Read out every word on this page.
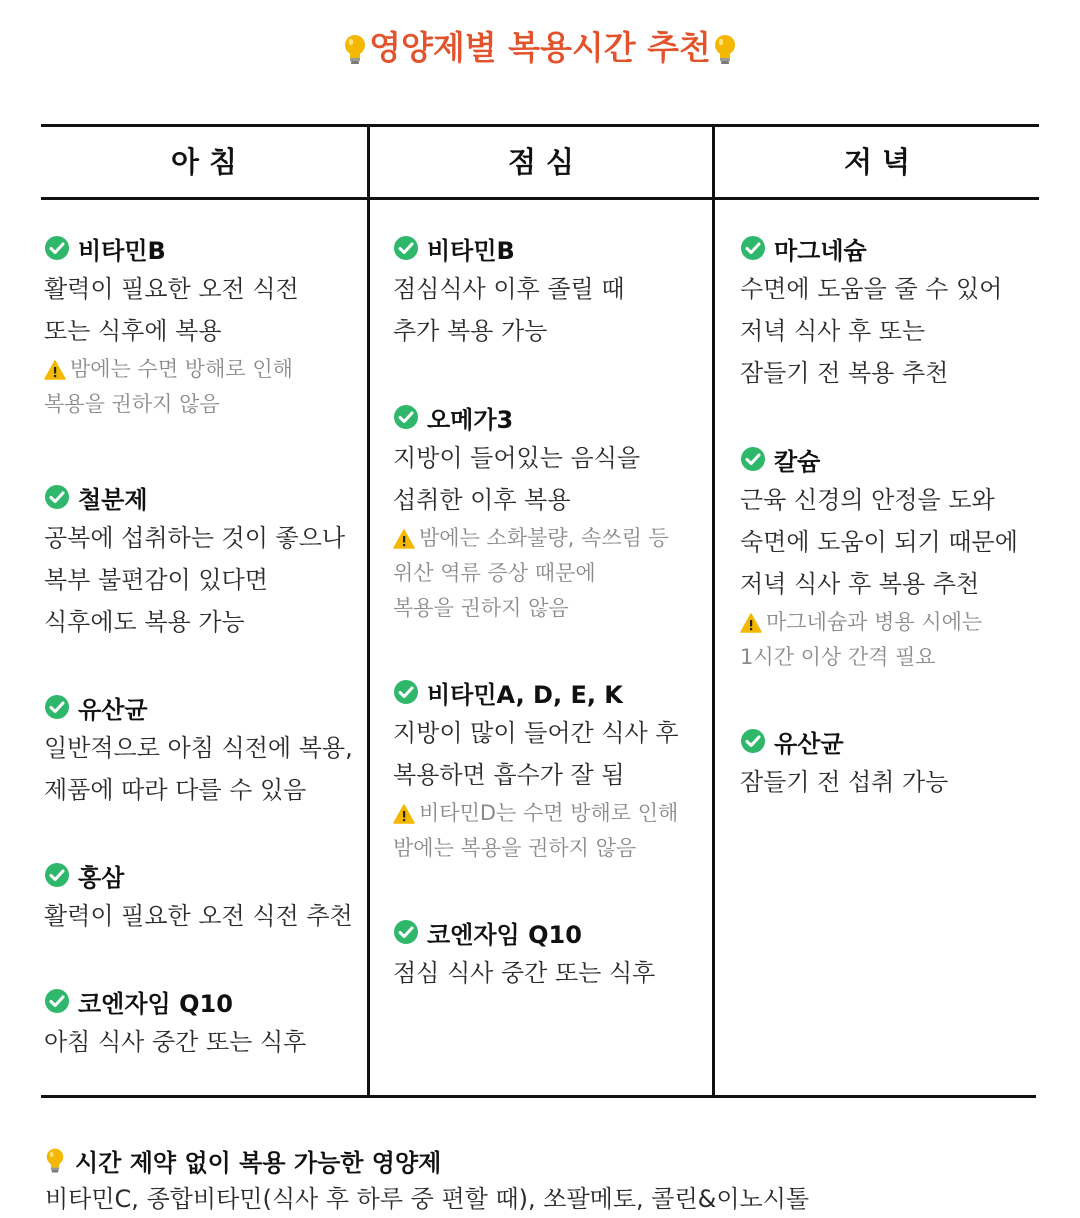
영양제별 복용시간 추천
아 침	점 심	저 녁
비타민B
활력이 필요한 오전 식전
또는 식후에 복용
밤에는 수면 방해로 인해
복용을 권하지 않음
철분제
공복에 섭취하는 것이 좋으나
복부 불편감이 있다면
식후에도 복용 가능
유산균
일반적으로 아침 식전에 복용,
제품에 따라 다를 수 있음
홍삼
활력이 필요한 오전 식전 추천
코엔자임 Q10
아침 식사 중간 또는 식후
비타민B
점심식사 이후 졸릴 때
추가 복용 가능
오메가3
지방이 들어있는 음식을
섭취한 이후 복용
밤에는 소화불량, 속쓰림 등
위산 역류 증상 때문에
복용을 권하지 않음
비타민A, D, E, K
지방이 많이 들어간 식사 후
복용하면 흡수가 잘 됨
비타민D는 수면 방해로 인해
밤에는 복용을 권하지 않음
코엔자임 Q10
점심 식사 중간 또는 식후
마그네슘
수면에 도움을 줄 수 있어
저녁 식사 후 또는
잠들기 전 복용 추천
칼슘
근육 신경의 안정을 도와
숙면에 도움이 되기 때문에
저녁 식사 후 복용 추천
마그네슘과 병용 시에는
1시간 이상 간격 필요
유산균
잠들기 전 섭취 가능
시간 제약 없이 복용 가능한 영양제
비타민C, 종합비타민(식사 후 하루 중 편할 때), 쏘팔메토, 콜린&이노시톨
